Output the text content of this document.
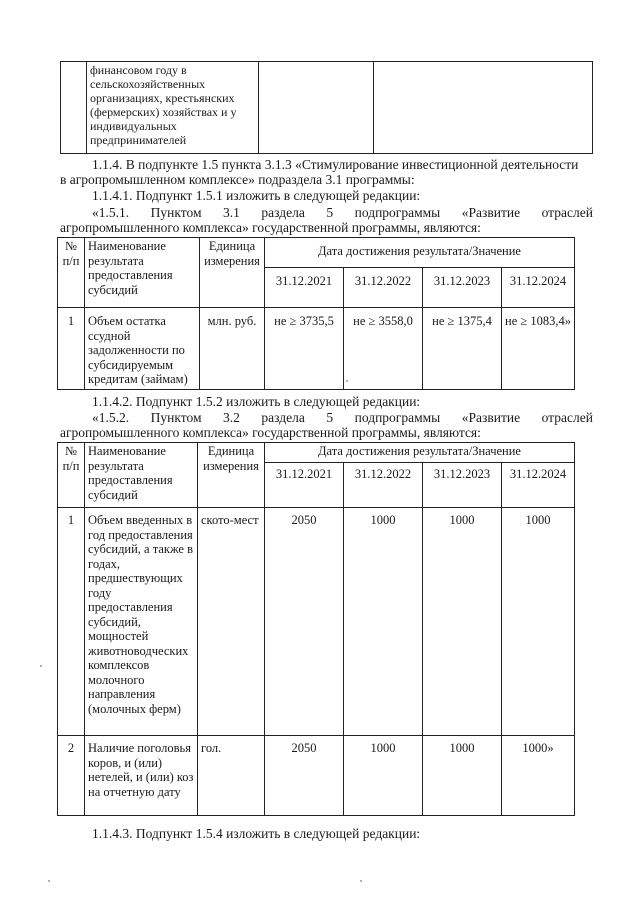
	финансовом году в сельскохозяйственных организациях, крестьянских (фермерских) хозяйствах и у индивидуальных предпринимателей		
1.1.4. В подпункте 1.5 пункта 3.1.3 «Стимулирование инвестиционной деятельности
в агропромышленном комплексе» подраздела 3.1 программы:
1.1.4.1. Подпункт 1.5.1 изложить в следующей редакции:
«1.5.1. Пунктом 3.1 раздела 5 подпрограммы «Развитие отраслей
агропромышленного комплекса» государственной программы, являются:
№ п/п	Наименование результата предоставления субсидий	Единица измерения	Дата достижения результата/Значение			
			31.12.2021	31.12.2022	31.12.2023	31.12.2024
1	Объем остатка ссудной задолженности по субсидируемым кредитам (займам)	млн. руб.	не ≥ 3735,5	не ≥ 3558,0	не ≥ 1375,4	не ≥ 1083,4»
1.1.4.2. Подпункт 1.5.2 изложить в следующей редакции:
«1.5.2. Пунктом 3.2 раздела 5 подпрограммы «Развитие отраслей
агропромышленного комплекса» государственной программы, являются:
№ п/п	Наименование результата предоставления субсидий	Единица измерения	Дата достижения результата/Значение			
			31.12.2021	31.12.2022	31.12.2023	31.12.2024
1	Объем введенных в год предоставления субсидий, а также в годах, предшествующих году предоставления субсидий, мощностей животноводческих комплексов молочного направления (молочных ферм)	ското-мест	2050	1000	1000	1000
2	Наличие поголовья коров, и (или) нетелей, и (или) коз на отчетную дату	гол.	2050	1000	1000	1000»
1.1.4.3. Подпункт 1.5.4 изложить в следующей редакции:
